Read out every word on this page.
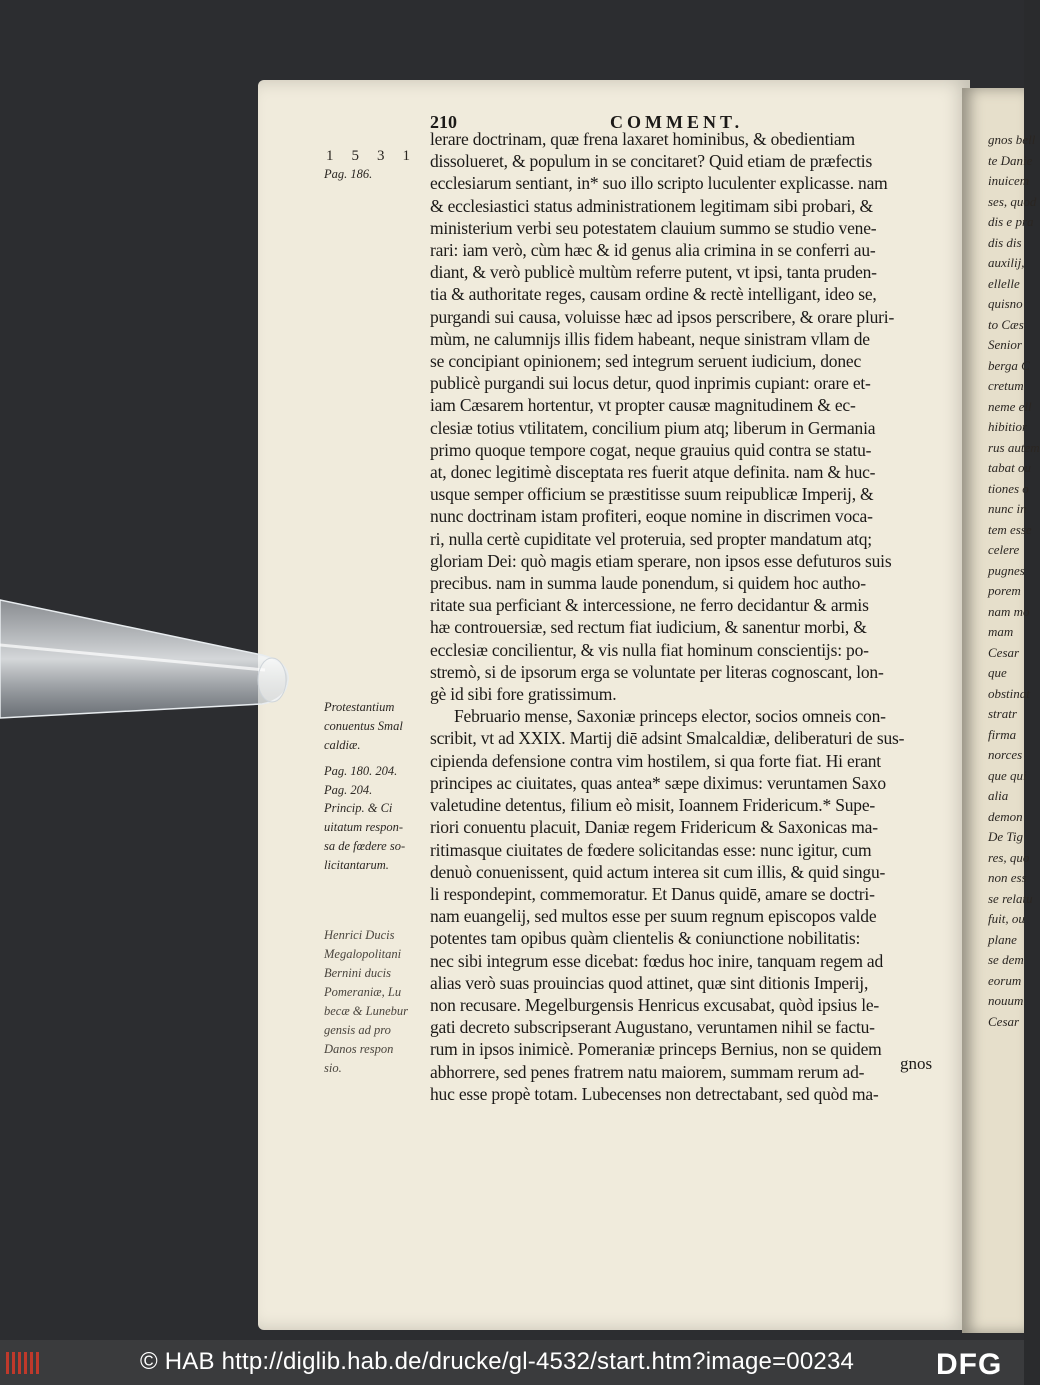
gnos bell
te Danie
inuicem
ses, quod
dis e pra
dis dis
auxilij,
ellelle
quisno
to Cæs
Senior
berga C
cretum
neme ell
hibitior
rus autem
tabat ou
tiones o
nunc in
tem esse
celere
pugnes
porem
nam mo
mam
Cesar
que
obstinat
stratr
firma
norces
que qui
alia
demon
De Tig
res, quo
non ess
se relatu
fuit, ou
plane
se dem
eorum
nouum
Cesar
210	COMMENT.
1531
lerare doctrinam, quæ frena laxaret hominibus, & obedientiam
dissolueret, & populum in se concitaret? Quid etiam de præfectis
ecclesiarum sentiant, in* suo illo scripto luculenter explicasse. nam
& ecclesiastici status administrationem legitimam sibi probari, &
ministerium verbi seu potestatem clauium summo se studio vene-
rari: iam verò, cùm hæc & id genus alia crimina in se conferri au-
diant, & verò publicè multùm referre putent, vt ipsi, tanta pruden-
tia & authoritate reges, causam ordine & rectè intelligant, ideo se,
purgandi sui causa, voluisse hæc ad ipsos perscribere, & orare pluri-
mùm, ne calumnijs illis fidem habeant, neque sinistram vllam de
se concipiant opinionem; sed integrum seruent iudicium, donec
publicè purgandi sui locus detur, quod inprimis cupiant: orare et-
iam Cæsarem hortentur, vt propter causæ magnitudinem & ec-
clesiæ totius vtilitatem, concilium pium atq; liberum in Germania
primo quoque tempore cogat, neque grauius quid contra se statu-
at, donec legitimè disceptata res fuerit atque definita. nam & huc-
usque semper officium se præstitisse suum reipublicæ Imperij, &
nunc doctrinam istam profiteri, eoque nomine in discrimen voca-
ri, nulla certè cupiditate vel proteruia, sed propter mandatum atq;
gloriam Dei: quò magis etiam sperare, non ipsos esse defuturos suis
precibus. nam in summa laude ponendum, si quidem hoc autho-
ritate sua perficiant & intercessione, ne ferro decidantur & armis
hæ controuersiæ, sed rectum fiat iudicium, & sanentur morbi, &
ecclesiæ concilientur, & vis nulla fiat hominum conscientijs: po-
stremò, si de ipsorum erga se voluntate per literas cognoscant, lon-
gè id sibi fore gratissimum.
Februario mense, Saxoniæ princeps elector, socios omneis con-
scribit, vt ad XXIX. Martij diē adsint Smalcaldiæ, deliberaturi de sus-
cipienda defensione contra vim hostilem, si qua forte fiat. Hi erant
principes ac ciuitates, quas antea* sæpe diximus: veruntamen Saxo
valetudine detentus, filium eò misit, Ioannem Fridericum.* Supe-
riori conuentu placuit, Daniæ regem Fridericum & Saxonicas ma-
ritimasque ciuitates de fœdere solicitandas esse: nunc igitur, cum
denuò conuenissent, quid actum interea sit cum illis, & quid singu-
li respondeƿint, commemoratur. Et Danus quidē, amare se doctri-
nam euangelij, sed multos esse per suum regnum episcopos valde
potentes tam opibus quàm clientelis & coniunctione nobilitatis:
nec sibi integrum esse dicebat: fœdus hoc inire, tanquam regem ad
alias verò suas prouincias quod attinet, quæ sint ditionis Imperij,
non recusare. Megelburgensis Henricus excusabat, quòd ipsius le-
gati decreto subscripserant Augustano, veruntamen nihil se factu-
rum in ipsos inimicè. Pomeraniæ princeps Bernius, non se quidem
abhorrere, sed penes fratrem natu maiorem, summam rerum ad-
huc esse propè totam. Lubecenses non detrectabant, sed quòd ma-
gnos
Pag. 186.
Protestantium
conuentus Smal
caldiæ.
Pag. 180. 204.
Pag. 204.
Princip. & Ci
uitatum respon-
sa de fœdere so-
licitantarum.
Henrici Ducis
Megalopolitani
Bernini ducis
Pomeraniæ, Lu
becæ & Lunebur
gensis ad pro
Danos respon
sio.
© HAB http://diglib.hab.de/drucke/gl-4532/start.htm?image=00234	DFG
